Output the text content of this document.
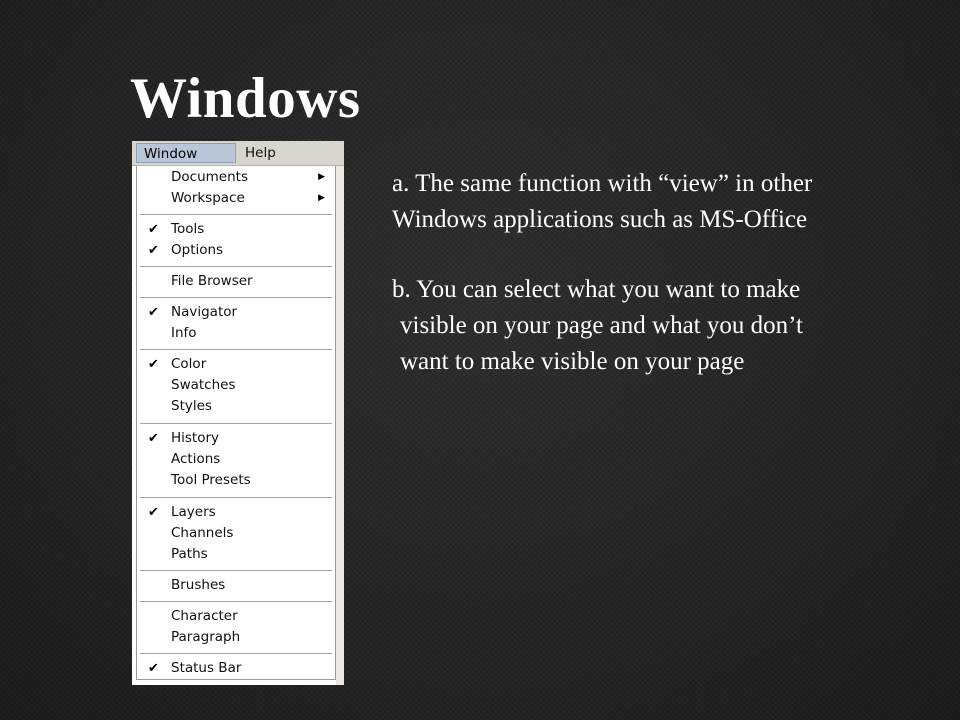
Windows
Window	Help
Documents	▶
Workspace	▶
✔ Tools
✔ Options
File Browser
✔ Navigator
Info
✔ Color
Swatches
Styles
✔ History
Actions
Tool Presets
✔ Layers
Channels
Paths
Brushes
Character
Paragraph
✔ Status Bar

a. The same function with “view” in other

Windows applications such as MS-Office

b. You can select what you want to make

visible on your page and what you don’t

want to make visible on your page
